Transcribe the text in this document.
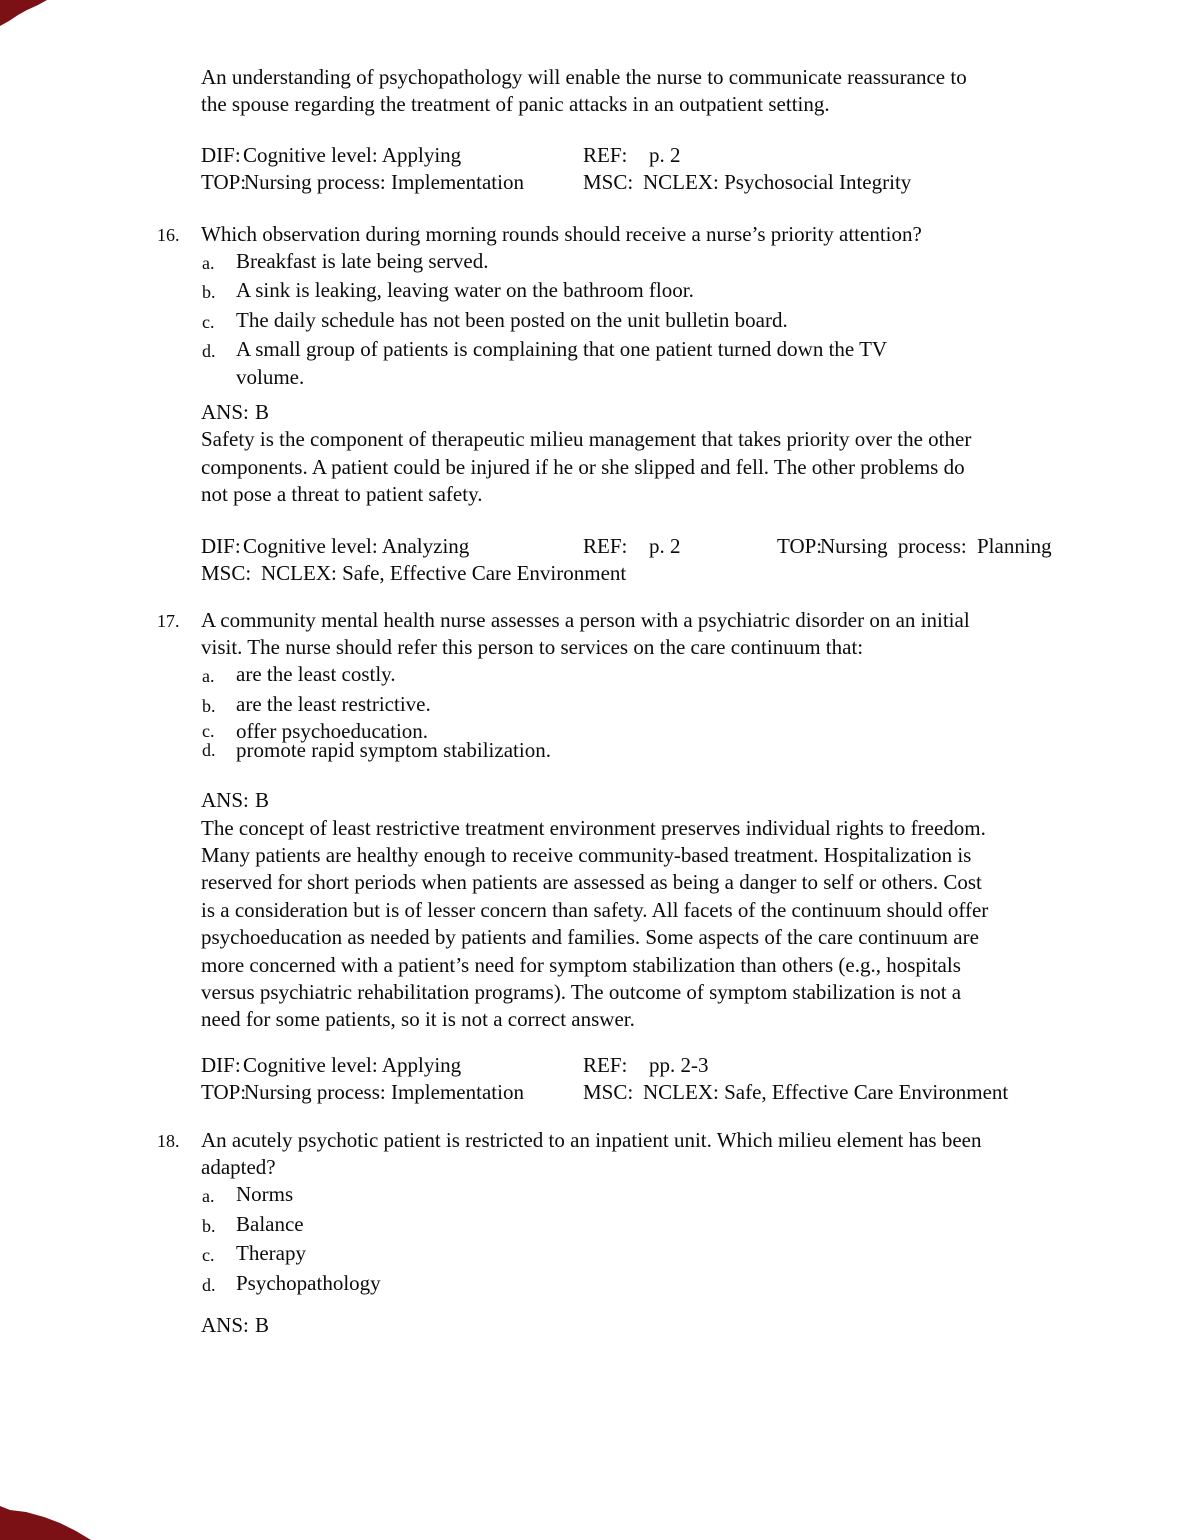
An understanding of psychopathology will enable the nurse to communicate reassurance to
the spouse regarding the treatment of panic attacks in an outpatient setting.
DIF: Cognitive level: Applying	REF: p. 2
TOP:Nursing process: Implementation	MSC: NCLEX: Psychosocial Integrity
16.	Which observation during morning rounds should receive a nurse’s priority attention?
a.	Breakfast is late being served.
b. A sink is leaking, leaving water on the bathroom floor.
c.	The daily schedule has not been posted on the unit bulletin board.
d. A small group of patients is complaining that one patient turned down the TV
volume.
ANS: B
Safety is the component of therapeutic milieu management that takes priority over the other
components. A patient could be injured if he or she slipped and fell. The other problems do
not pose a threat to patient safety.
DIF: Cognitive level: Analyzing	REF: p. 2	TOP:Nursing process: Planning
MSC: NCLEX: Safe, Effective Care Environment
17.	A community mental health nurse assesses a person with a psychiatric disorder on an initial
visit. The nurse should refer this person to services on the care continuum that:
a.	are the least costly.
b. are the least restrictive.
c.	offer psychoeducation.
d. promote rapid symptom stabilization.
ANS: B
The concept of least restrictive treatment environment preserves individual rights to freedom.
Many patients are healthy enough to receive community-based treatment. Hospitalization is
reserved for short periods when patients are assessed as being a danger to self or others. Cost
is a consideration but is of lesser concern than safety. All facets of the continuum should offer
psychoeducation as needed by patients and families. Some aspects of the care continuum are
more concerned with a patient’s need for symptom stabilization than others (e.g., hospitals
versus psychiatric rehabilitation programs). The outcome of symptom stabilization is not a
need for some patients, so it is not a correct answer.
DIF: Cognitive level: Applying	REF: pp. 2-3
TOP:Nursing process: Implementation	MSC: NCLEX: Safe, Effective Care Environment
18.	An acutely psychotic patient is restricted to an inpatient unit. Which milieu element has been
adapted?
a.	Norms
b. Balance
c.	Therapy
d. Psychopathology
ANS: B
